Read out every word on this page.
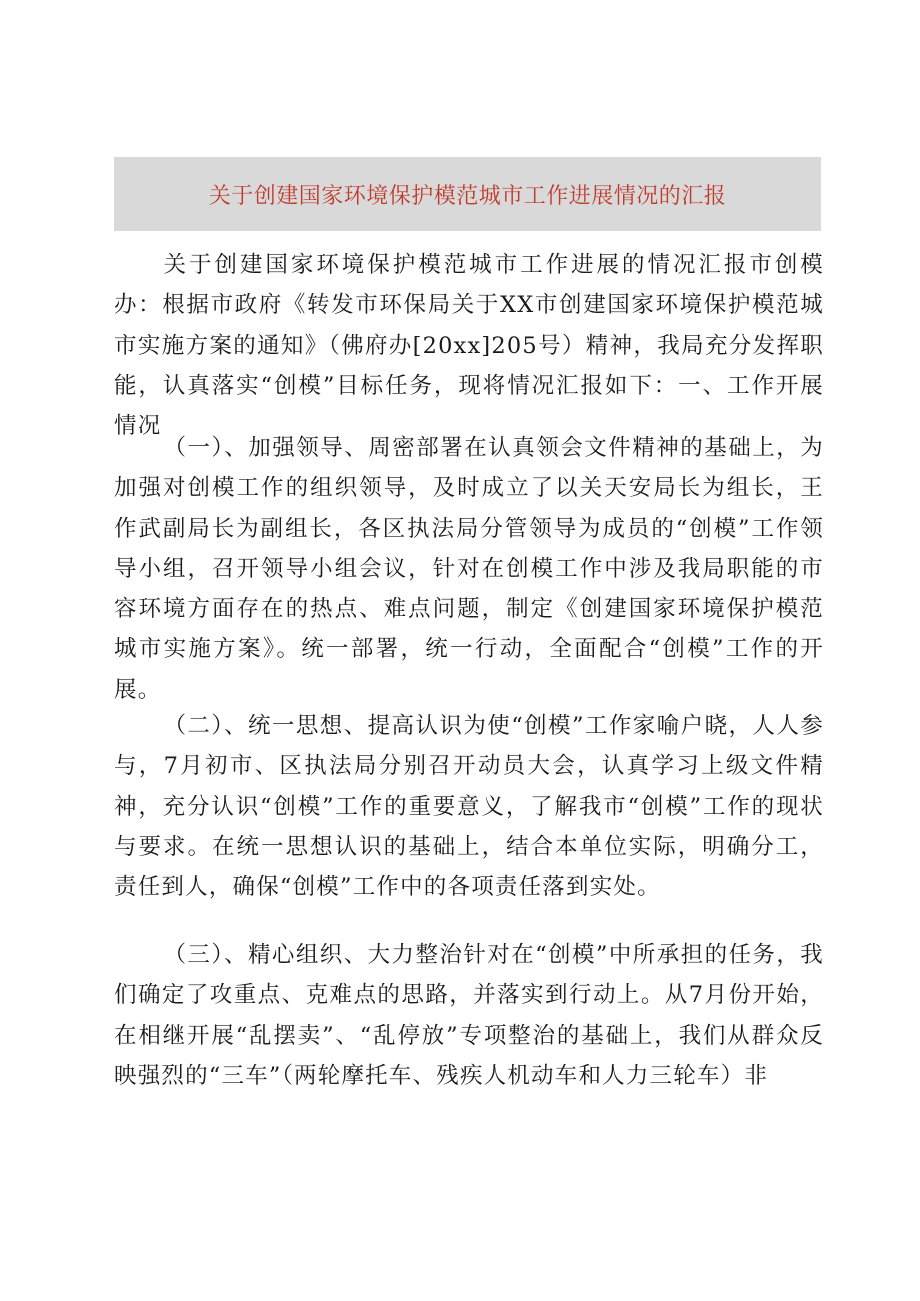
关于创建国家环境保护模范城市工作进展情况的汇报

关于创建国家环境保护模范城市工作进展的情况汇报市创模办：根据市政府《转发市环保局关于XX市创建国家环境保护模范城市实施方案的通知》（佛府办[20xx]205号）精神，我局充分发挥职能，认真落实“创模”目标任务，现将情况汇报如下：一、工作开展情况

（一）、加强领导、周密部署在认真领会文件精神的基础上，为加强对创模工作的组织领导，及时成立了以关天安局长为组长，王作武副局长为副组长，各区执法局分管领导为成员的“创模”工作领导小组，召开领导小组会议，针对在创模工作中涉及我局职能的市容环境方面存在的热点、难点问题，制定《创建国家环境保护模范城市实施方案》。统一部署，统一行动，全面配合“创模”工作的开展。

（二）、统一思想、提高认识为使“创模”工作家喻户晓，人人参与，7月初市、区执法局分别召开动员大会，认真学习上级文件精神，充分认识“创模”工作的重要意义，了解我市“创模”工作的现状与要求。在统一思想认识的基础上，结合本单位实际，明确分工，责任到人，确保“创模”工作中的各项责任落到实处。

（三）、精心组织、大力整治针对在“创模”中所承担的任务，我们确定了攻重点、克难点的思路，并落实到行动上。从7月份开始，在相继开展“乱摆卖”、“乱停放”专项整治的基础上，我们从群众反映强烈的“三车”（两轮摩托车、残疾人机动车和人力三轮车）非
